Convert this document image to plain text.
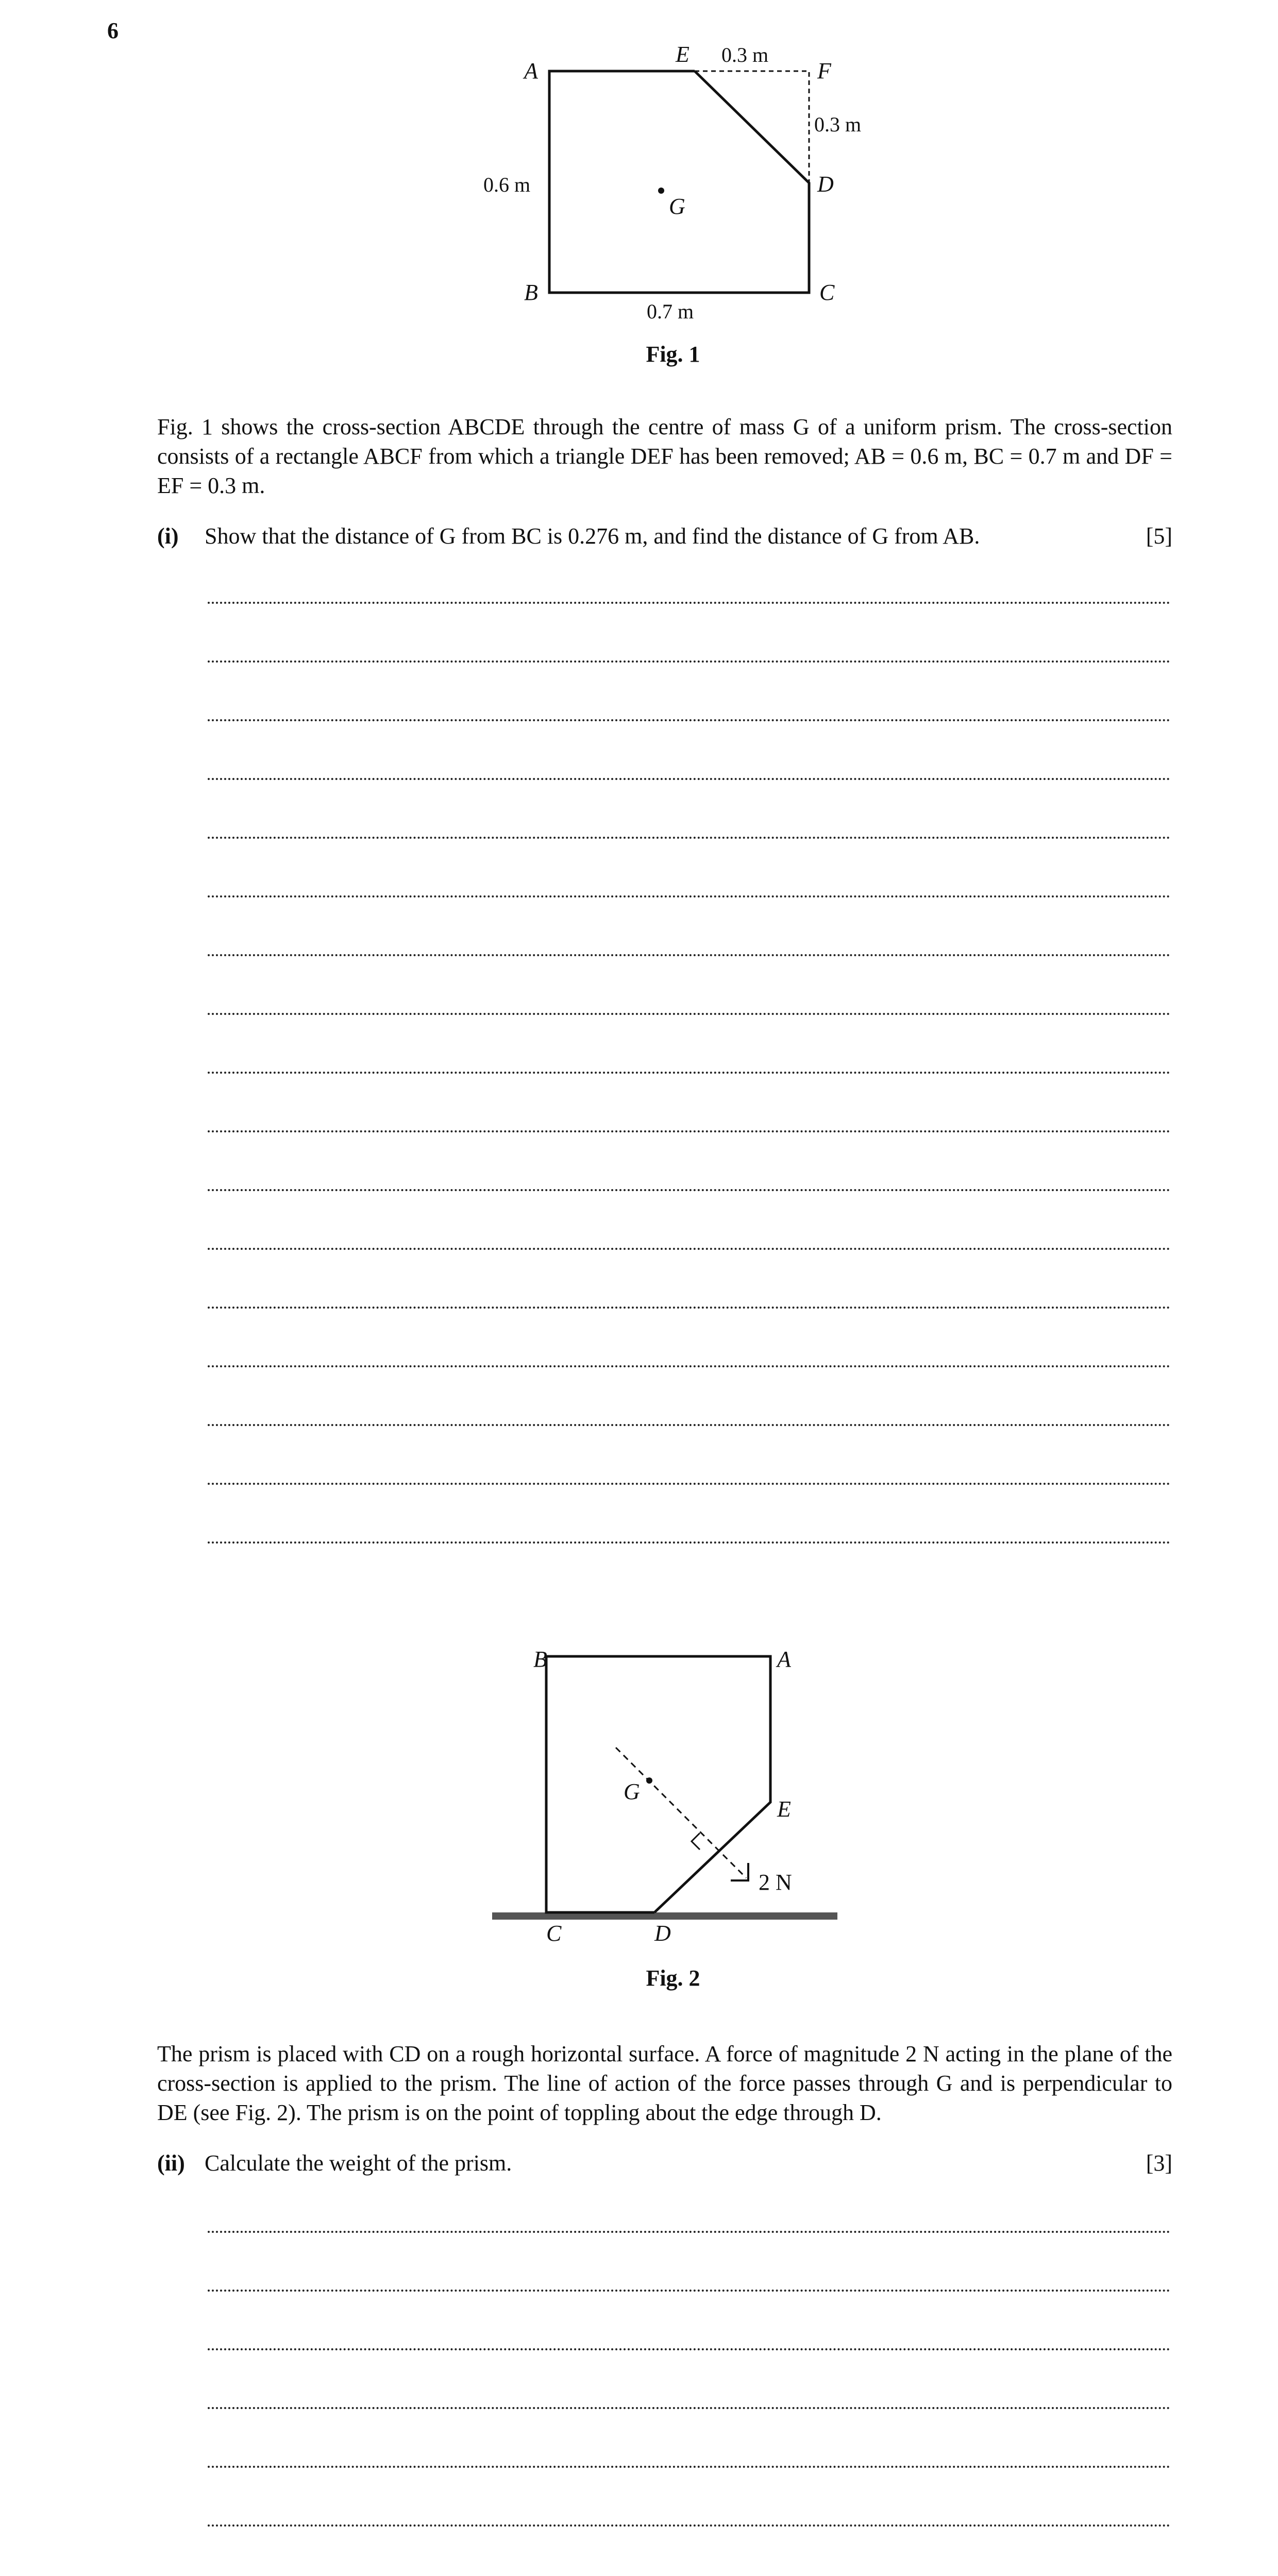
6
A
B	C
D
E
F
G
0.6 m
0.7 m
0.3 m
0.3 m
Fig. 1
Fig. 1 shows the cross-section ABCDE through the centre of mass G of a uniform prism. The cross-section consists of a rectangle ABCF from which a triangle DEF has been removed; AB = 0.6 m, BC = 0.7 m and DF = EF = 0.3 m.
(i) Show that the distance of G from BC is 0.276 m, and find the distance of G from AB.	[5]
B	A
E
G
C	D
2 N
Fig. 2
The prism is placed with CD on a rough horizontal surface. A force of magnitude 2 N acting in the plane of the cross-section is applied to the prism. The line of action of the force passes through G and is perpendicular to DE (see Fig. 2). The prism is on the point of toppling about the edge through D.
(ii) Calculate the weight of the prism.	[3]
